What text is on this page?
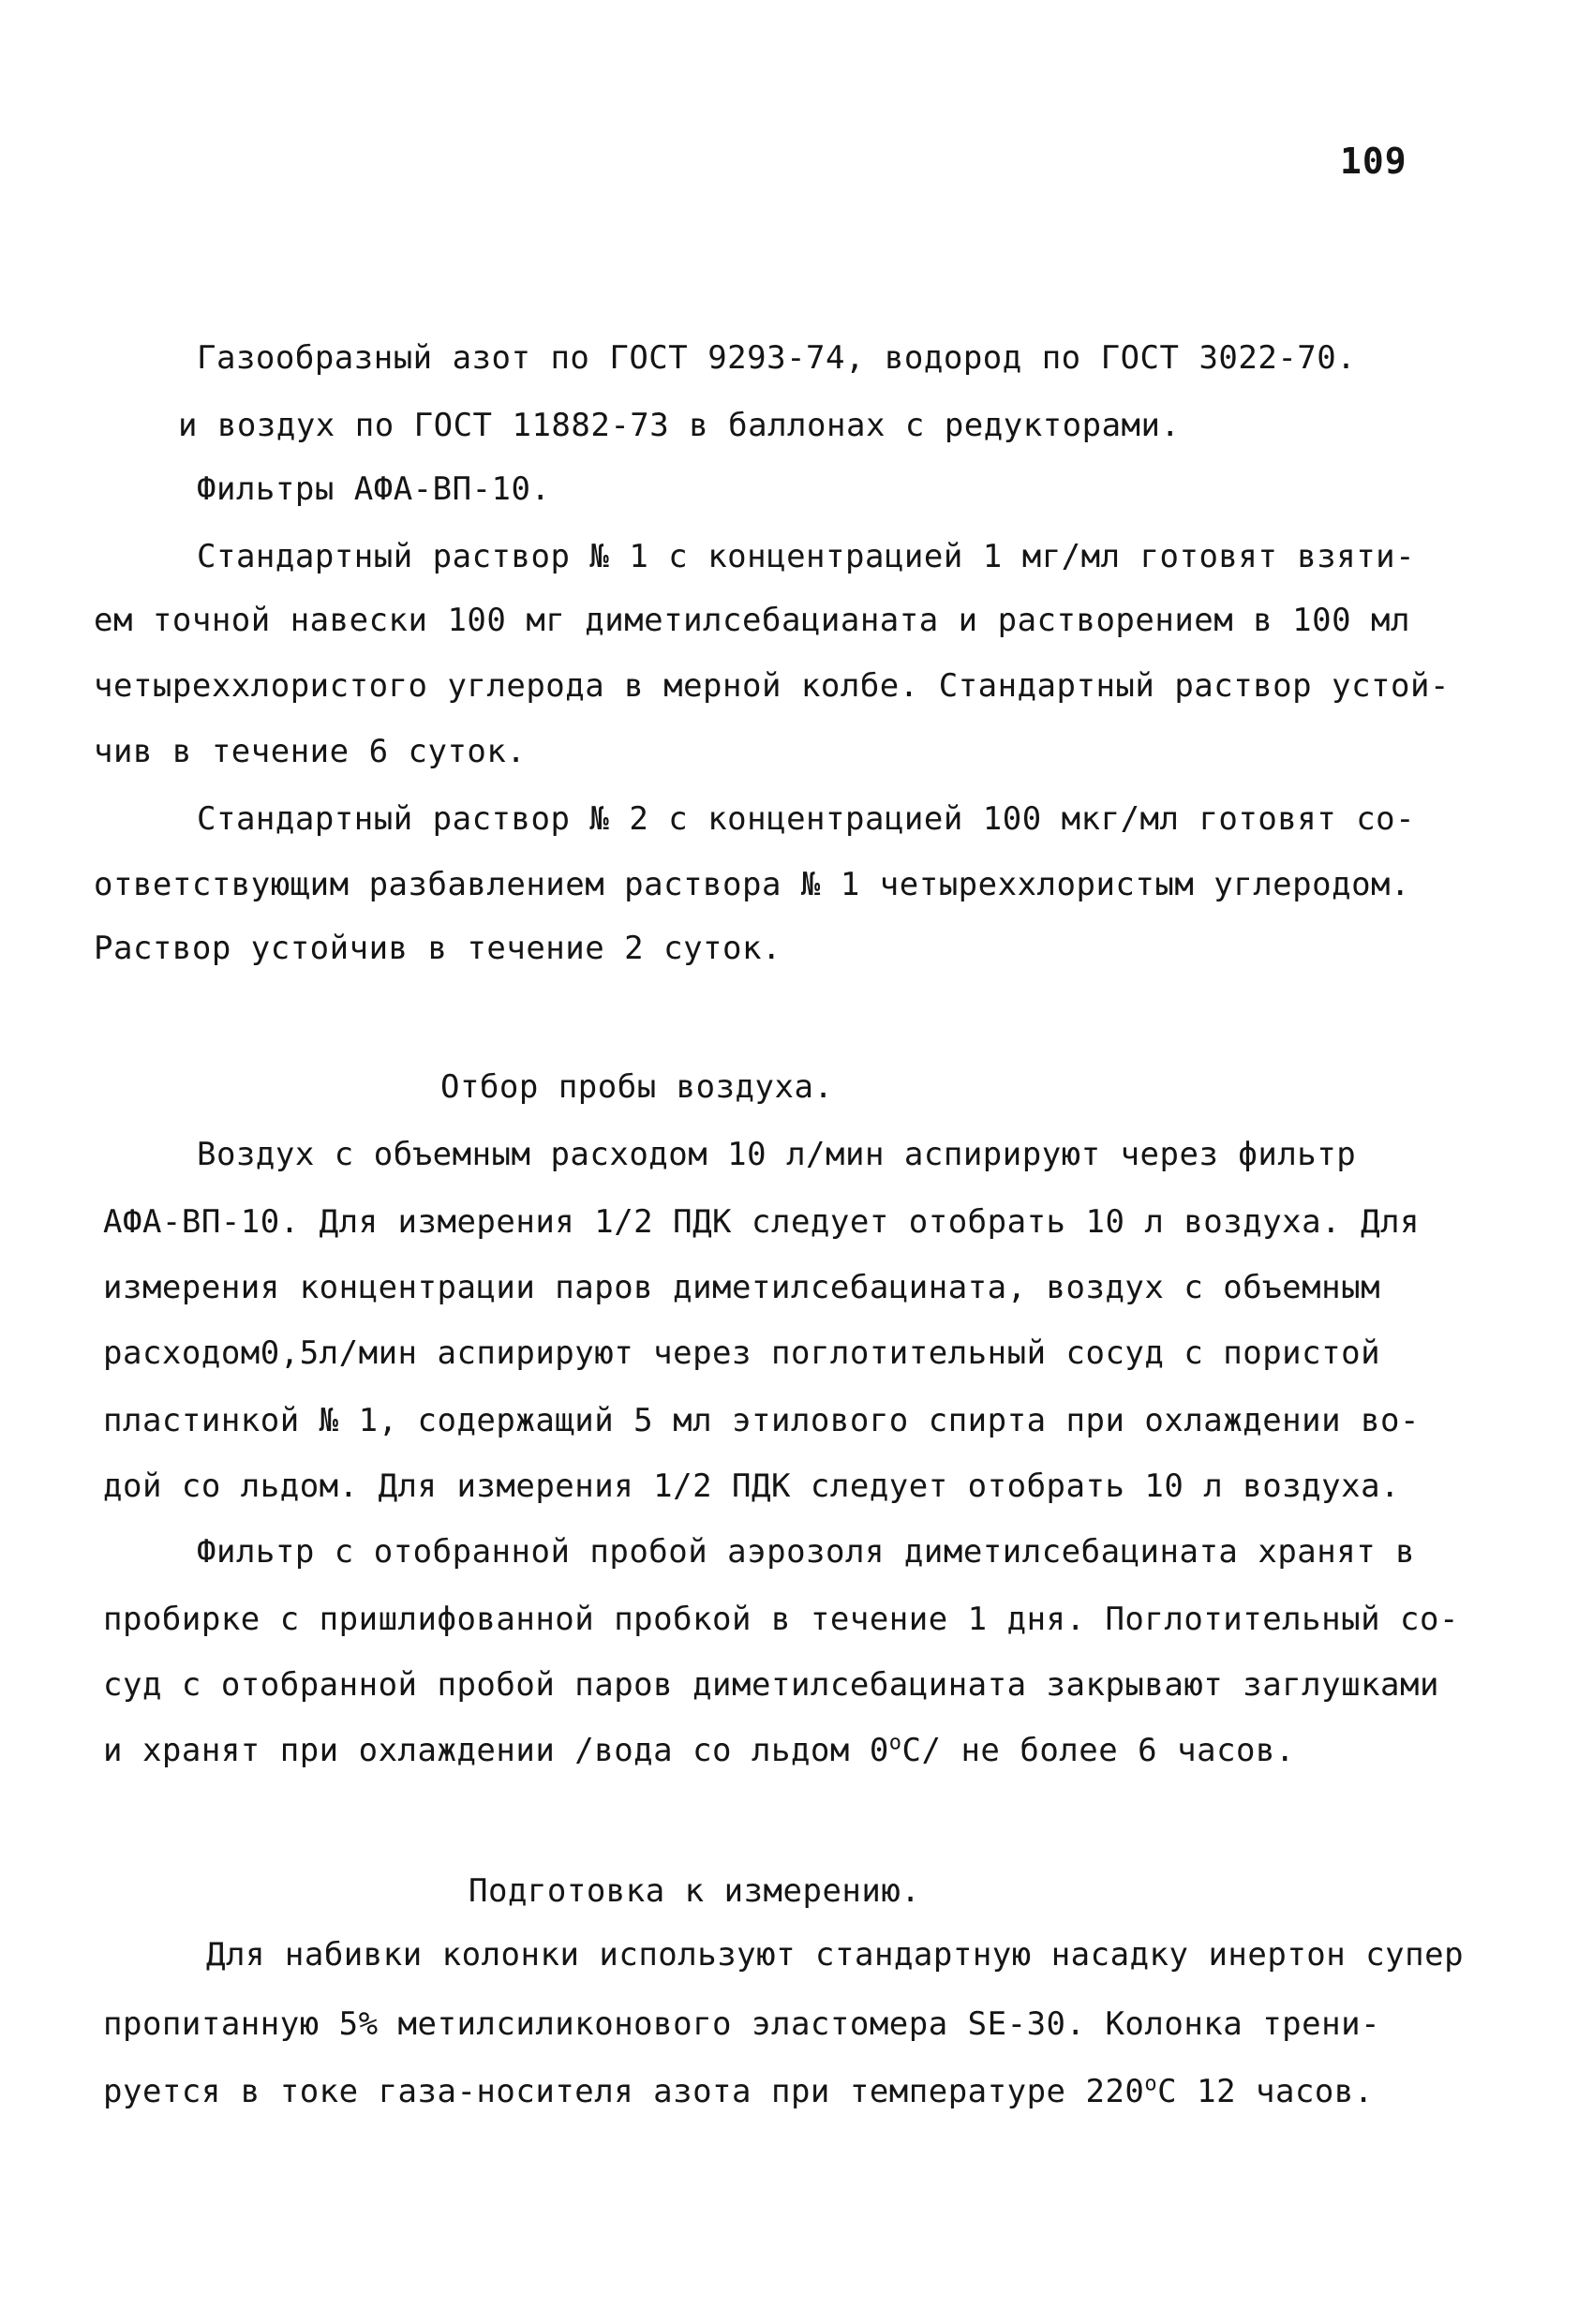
109
Газообразный азот по ГОСТ 9293-74, водород по ГОСТ 3022-70.
и воздух по ГОСТ 11882-73 в баллонах с редукторами.
Фильтры АФА-ВП-10.
Стандартный раствор № 1 с концентрацией 1 мг/мл готовят взяти-
ем точной навески 100 мг диметилсебацианата и растворением в 100 мл
четыреххлористого углерода в мерной колбе. Стандартный раствор устой-
чив в течение 6 суток.
Стандартный раствор № 2 с концентрацией 100 мкг/мл готовят со-
ответствующим разбавлением раствора № 1 четыреххлористым углеродом.
Раствор устойчив в течение 2 суток.
Отбор пробы воздуха.
Воздух с объемным расходом 10 л/мин аспирируют через фильтр
АФА-ВП-10. Для измерения 1/2 ПДК следует отобрать 10 л воздуха. Для
измерения концентрации паров диметилсебацината, воздух с объемным
расходом0,5л/мин аспирируют через поглотительный сосуд с пористой
пластинкой № 1, содержащий 5 мл этилового спирта при охлаждении во-
дой со льдом. Для измерения 1/2 ПДК следует отобрать 10 л воздуха.
Фильтр с отобранной пробой аэрозоля диметилсебацината хранят в
пробирке с пришлифованной пробкой в течение 1 дня. Поглотительный со-
суд с отобранной пробой паров диметилсебацината закрывают заглушками
и хранят при охлаждении /вода со льдом $0^оС/$ не более 6 часов.
Подготовка к измерению.
Для набивки колонки используют стандартную насадку инертон супер
пропитанную 5% метилсиликонового эластомера SE-30. Колонка трени-
руется в токе газа-носителя азота при температуре $220^оС$ 12 часов.
